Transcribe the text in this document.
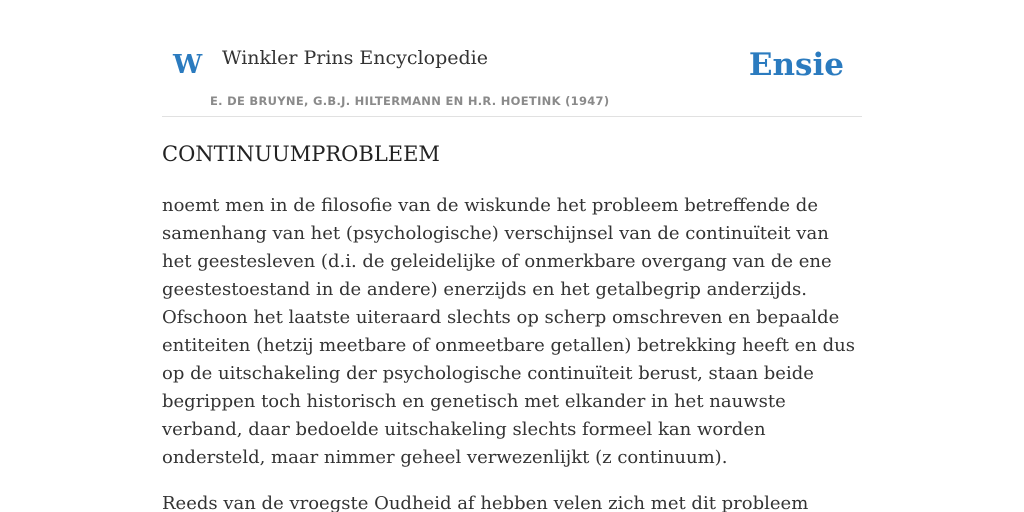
W Winkler Prins Encyclopedie
E. DE BRUYNE, G.B.J. HILTERMANN EN H.R. HOETINK (1947)
Ensie
CONTINUUMPROBLEEM

noemt men in de filosofie van de wiskunde het probleem betreffende de samenhang van het (psychologische) verschijnsel van de continuïteit van het geestesleven (d.i. de geleidelijke of onmerkbare overgang van de ene geestestoestand in de andere) enerzijds en het getalbegrip anderzijds. Ofschoon het laatste uiteraard slechts op scherp omschreven en bepaalde entiteiten (hetzij meetbare of onmeetbare getallen) betrekking heeft en dus op de uitschakeling der psychologische continuïteit berust, staan beide begrippen toch historisch en genetisch met elkander in het nauwste verband, daar bedoelde uitschakeling slechts formeel kan worden ondersteld, maar nimmer geheel verwezenlijkt (z continuum).

Reeds van de vroegste Oudheid af hebben velen zich met dit probleem
